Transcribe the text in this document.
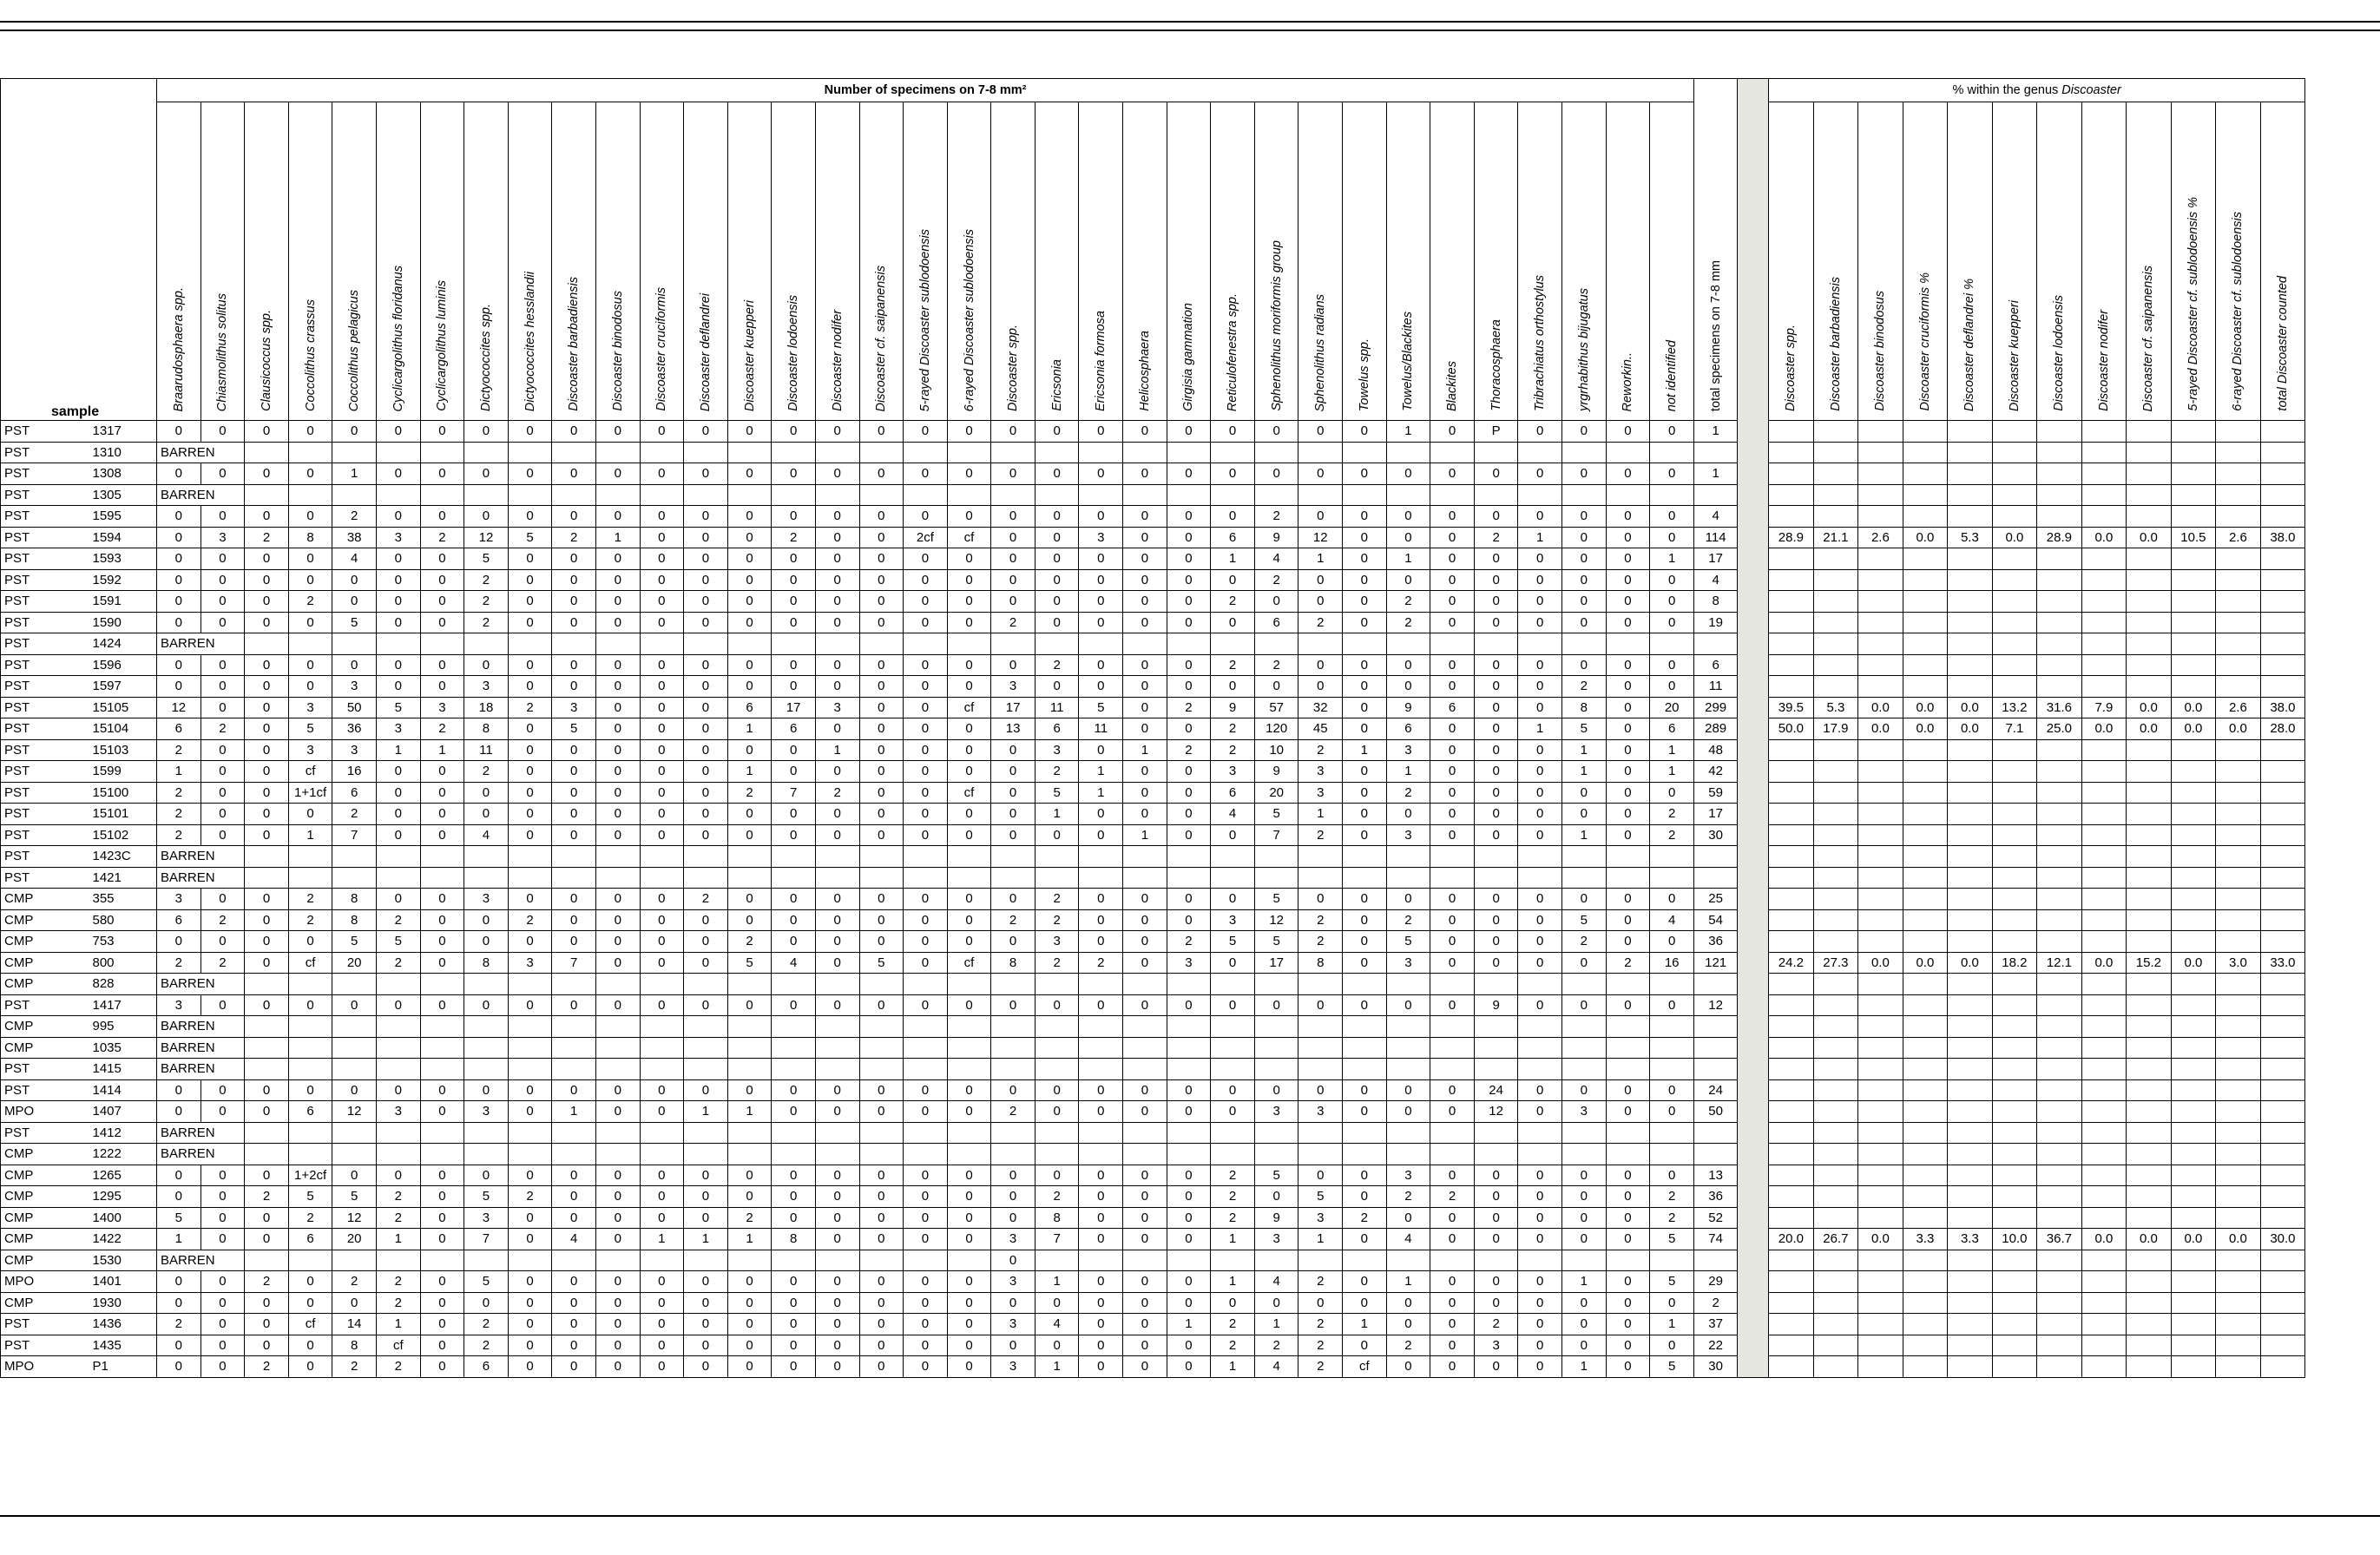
sample		Number of specimens on 7-8 mm²																																			total specimens on 7-8 mm		% within the genus Discoaster											
		Braarudosphaera spp.	Chiasmolithus solitus	Clausicoccus spp.	Coccolithus crassus	Coccolithus pelagicus	Cyclicargolithus floridanus	Cyclicargolithus luminis	Dictyococcites spp.	Dictyococcites hesslandii	Discoaster barbadiensis	Discoaster binodosus	Discoaster cruciformis	Discoaster deflandrei	Discoaster kuepperi	Discoaster lodoensis	Discoaster nodifer	Discoaster cf. saipanensis	5-rayed Discoaster sublodoensis	6-rayed Discoaster sublodoensis	Discoaster spp.	Ericsonia	Ericsonia formosa	Helicosphaera	Girgisia gammation	Reticulofenestra spp.	Sphenolithus moriformis group	Sphenolithus radians	Towelus spp.	Towelus/Blackites	Blackites	Thoracosphaera	Tribrachiatus orthostylus	yrgrhabithus bijugatus	Reworkin..	not identified			Discoaster spp.	Discoaster barbadiensis	Discoaster binodosus	Discoaster cruciformis %	Discoaster deflandrei %	Discoaster kuepperi	Discoaster lodoensis	Discoaster nodifer	Discoaster cf. saipanensis	5-rayed Discoaster cf. sublodoensis %	6-rayed Discoaster cf. sublodoensis	total Discoaster counted
PST	1317	0	0	0	0	0	0	0	0	0	0	0	0	0	0	0	0	0	0	0	0	0	0	0	0	0	0	0	0	1	0	P	0	0	0	0	1													
PST	1310	BARREN																																																
PST	1308	0	0	0	0	1	0	0	0	0	0	0	0	0	0	0	0	0	0	0	0	0	0	0	0	0	0	0	0	0	0	0	0	0	0	0	1													
PST	1305	BARREN																																																
PST	1595	0	0	0	0	2	0	0	0	0	0	0	0	0	0	0	0	0	0	0	0	0	0	0	0	0	2	0	0	0	0	0	0	0	0	0	4													
PST	1594	0	3	2	8	38	3	2	12	5	2	1	0	0	0	2	0	0	2cf	cf	0	0	3	0	0	6	9	12	0	0	0	2	1	0	0	0	114		28.9	21.1	2.6	0.0	5.3	0.0	28.9	0.0	0.0	10.5	2.6	38.0
PST	1593	0	0	0	0	4	0	0	5	0	0	0	0	0	0	0	0	0	0	0	0	0	0	0	0	1	4	1	0	1	0	0	0	0	0	1	17													
PST	1592	0	0	0	0	0	0	0	2	0	0	0	0	0	0	0	0	0	0	0	0	0	0	0	0	0	2	0	0	0	0	0	0	0	0	0	4													
PST	1591	0	0	0	2	0	0	0	2	0	0	0	0	0	0	0	0	0	0	0	0	0	0	0	0	2	0	0	0	2	0	0	0	0	0	0	8													
PST	1590	0	0	0	0	5	0	0	2	0	0	0	0	0	0	0	0	0	0	0	2	0	0	0	0	0	6	2	0	2	0	0	0	0	0	0	19													
PST	1424	BARREN																																																
PST	1596	0	0	0	0	0	0	0	0	0	0	0	0	0	0	0	0	0	0	0	0	2	0	0	0	2	2	0	0	0	0	0	0	0	0	0	6													
PST	1597	0	0	0	0	3	0	0	3	0	0	0	0	0	0	0	0	0	0	0	3	0	0	0	0	0	0	0	0	0	0	0	0	2	0	0	11													
PST	15105	12	0	0	3	50	5	3	18	2	3	0	0	0	6	17	3	0	0	cf	17	11	5	0	2	9	57	32	0	9	6	0	0	8	0	20	299		39.5	5.3	0.0	0.0	0.0	13.2	31.6	7.9	0.0	0.0	2.6	38.0
PST	15104	6	2	0	5	36	3	2	8	0	5	0	0	0	1	6	0	0	0	0	13	6	11	0	0	2	120	45	0	6	0	0	1	5	0	6	289		50.0	17.9	0.0	0.0	0.0	7.1	25.0	0.0	0.0	0.0	0.0	28.0
PST	15103	2	0	0	3	3	1	1	11	0	0	0	0	0	0	0	1	0	0	0	0	3	0	1	2	2	10	2	1	3	0	0	0	1	0	1	48													
PST	1599	1	0	0	cf	16	0	0	2	0	0	0	0	0	1	0	0	0	0	0	0	2	1	0	0	3	9	3	0	1	0	0	0	1	0	1	42													
PST	15100	2	0	0	1+1cf	6	0	0	0	0	0	0	0	0	2	7	2	0	0	cf	0	5	1	0	0	6	20	3	0	2	0	0	0	0	0	0	59													
PST	15101	2	0	0	0	2	0	0	0	0	0	0	0	0	0	0	0	0	0	0	0	1	0	0	0	4	5	1	0	0	0	0	0	0	0	2	17													
PST	15102	2	0	0	1	7	0	0	4	0	0	0	0	0	0	0	0	0	0	0	0	0	0	1	0	0	7	2	0	3	0	0	0	1	0	2	30													
PST	1423C	BARREN																																																
PST	1421	BARREN																																																
CMP	355	3	0	0	2	8	0	0	3	0	0	0	0	2	0	0	0	0	0	0	0	2	0	0	0	0	5	0	0	0	0	0	0	0	0	0	25													
CMP	580	6	2	0	2	8	2	0	0	2	0	0	0	0	0	0	0	0	0	0	2	2	0	0	0	3	12	2	0	2	0	0	0	5	0	4	54													
CMP	753	0	0	0	0	5	5	0	0	0	0	0	0	0	2	0	0	0	0	0	0	3	0	0	2	5	5	2	0	5	0	0	0	2	0	0	36													
CMP	800	2	2	0	cf	20	2	0	8	3	7	0	0	0	5	4	0	5	0	cf	8	2	2	0	3	0	17	8	0	3	0	0	0	0	2	16	121		24.2	27.3	0.0	0.0	0.0	18.2	12.1	0.0	15.2	0.0	3.0	33.0
CMP	828	BARREN																																																
PST	1417	3	0	0	0	0	0	0	0	0	0	0	0	0	0	0	0	0	0	0	0	0	0	0	0	0	0	0	0	0	0	9	0	0	0	0	12													
CMP	995	BARREN																																																
CMP	1035	BARREN																																																
PST	1415	BARREN																																																
PST	1414	0	0	0	0	0	0	0	0	0	0	0	0	0	0	0	0	0	0	0	0	0	0	0	0	0	0	0	0	0	0	24	0	0	0	0	24													
MPO	1407	0	0	0	6	12	3	0	3	0	1	0	0	1	1	0	0	0	0	0	2	0	0	0	0	0	3	3	0	0	0	12	0	3	0	0	50													
PST	1412	BARREN																																																
CMP	1222	BARREN																																																
CMP	1265	0	0	0	1+2cf	0	0	0	0	0	0	0	0	0	0	0	0	0	0	0	0	0	0	0	0	2	5	0	0	3	0	0	0	0	0	0	13													
CMP	1295	0	0	2	5	5	2	0	5	2	0	0	0	0	0	0	0	0	0	0	0	2	0	0	0	2	0	5	0	2	2	0	0	0	0	2	36													
CMP	1400	5	0	0	2	12	2	0	3	0	0	0	0	0	2	0	0	0	0	0	0	8	0	0	0	2	9	3	2	0	0	0	0	0	0	2	52													
CMP	1422	1	0	0	6	20	1	0	7	0	4	0	1	1	1	8	0	0	0	0	3	7	0	0	0	1	3	1	0	4	0	0	0	0	0	5	74		20.0	26.7	0.0	3.3	3.3	10.0	36.7	0.0	0.0	0.0	0.0	30.0
CMP	1530	BARREN																			0																													
MPO	1401	0	0	2	0	2	2	0	5	0	0	0	0	0	0	0	0	0	0	0	3	1	0	0	0	1	4	2	0	1	0	0	0	1	0	5	29													
CMP	1930	0	0	0	0	0	2	0	0	0	0	0	0	0	0	0	0	0	0	0	0	0	0	0	0	0	0	0	0	0	0	0	0	0	0	0	2													
PST	1436	2	0	0	cf	14	1	0	2	0	0	0	0	0	0	0	0	0	0	0	3	4	0	0	1	2	1	2	1	0	0	2	0	0	0	1	37													
PST	1435	0	0	0	0	8	cf	0	2	0	0	0	0	0	0	0	0	0	0	0	0	0	0	0	0	2	2	2	0	2	0	3	0	0	0	0	22													
MPO	P1	0	0	2	0	2	2	0	6	0	0	0	0	0	0	0	0	0	0	0	3	1	0	0	0	1	4	2	cf	0	0	0	0	1	0	5	30													
